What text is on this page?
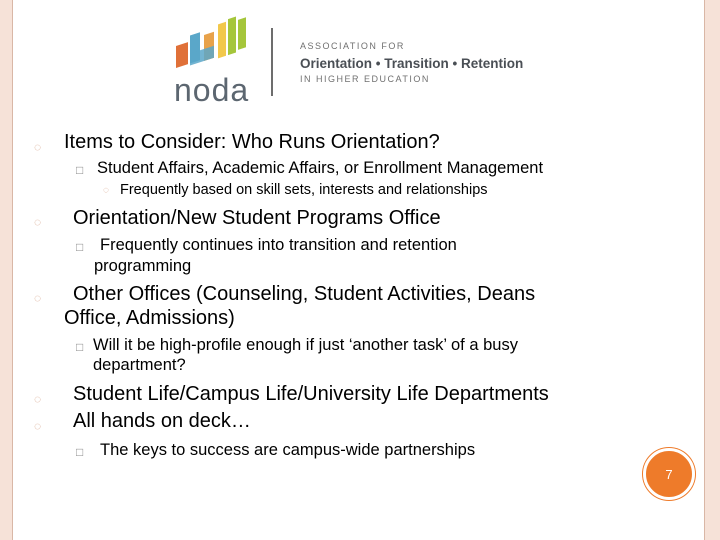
noda
ASSOCIATION FOR
Orientation • Transition • Retention
IN HIGHER EDUCATION
◌ Items to Consider: Who Runs Orientation?
□ Student Affairs, Academic Affairs, or Enrollment Management
◌ Frequently based on skill sets, interests and relationships
◌ Orientation/New Student Programs Office
□ Frequently continues into transition and retention
programming
◌ Other Offices (Counseling, Student Activities, Deans
Office, Admissions)
□ Will it be high-profile enough if just ‘another task’ of a busy
department?
◌ Student Life/Campus Life/University Life Departments
◌ All hands on deck…
□ The keys to success are campus-wide partnerships
7
